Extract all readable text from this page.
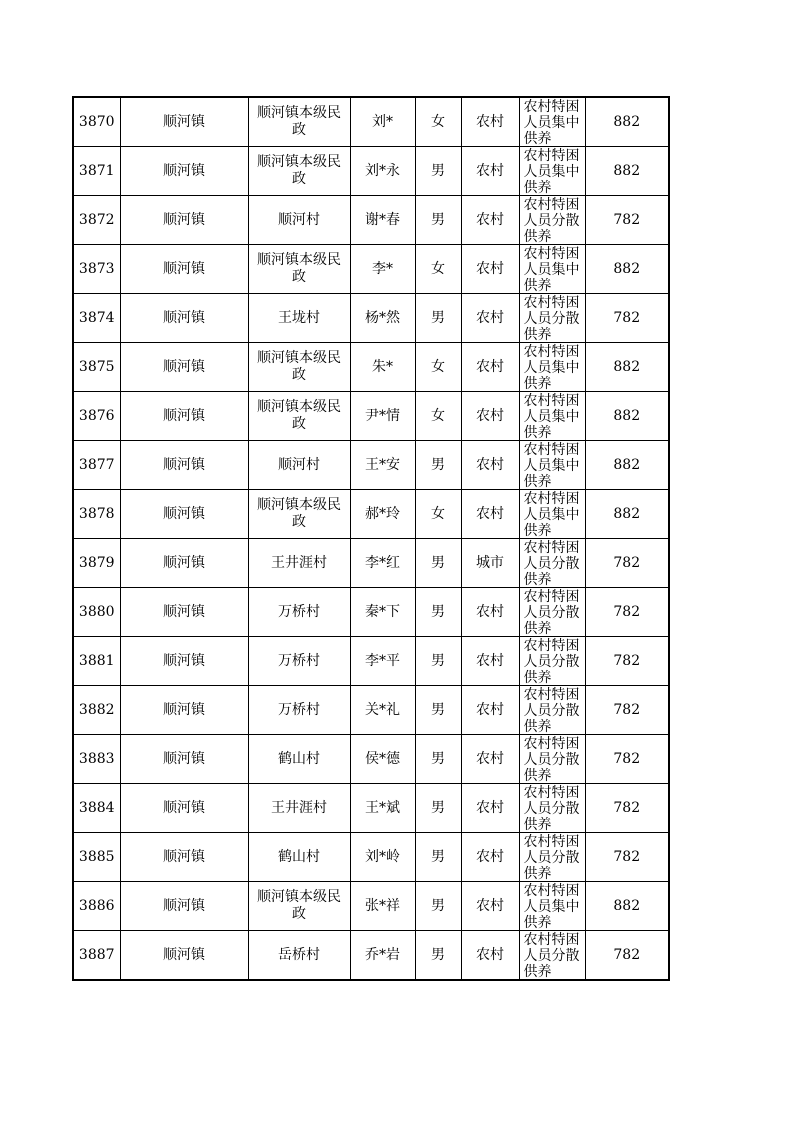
3870	顺河镇	顺河镇本级民政	刘*	女	农村	农村特困人员集中供养	882
3871	顺河镇	顺河镇本级民政	刘*永	男	农村	农村特困人员集中供养	882
3872	顺河镇	顺河村	谢*春	男	农村	农村特困人员分散供养	782
3873	顺河镇	顺河镇本级民政	李*	女	农村	农村特困人员集中供养	882
3874	顺河镇	王垅村	杨*然	男	农村	农村特困人员分散供养	782
3875	顺河镇	顺河镇本级民政	朱*	女	农村	农村特困人员集中供养	882
3876	顺河镇	顺河镇本级民政	尹*情	女	农村	农村特困人员集中供养	882
3877	顺河镇	顺河村	王*安	男	农村	农村特困人员集中供养	882
3878	顺河镇	顺河镇本级民政	郝*玲	女	农村	农村特困人员集中供养	882
3879	顺河镇	王井涯村	李*红	男	城市	农村特困人员分散供养	782
3880	顺河镇	万桥村	秦*下	男	农村	农村特困人员分散供养	782
3881	顺河镇	万桥村	李*平	男	农村	农村特困人员分散供养	782
3882	顺河镇	万桥村	关*礼	男	农村	农村特困人员分散供养	782
3883	顺河镇	鹤山村	侯*德	男	农村	农村特困人员分散供养	782
3884	顺河镇	王井涯村	王*斌	男	农村	农村特困人员分散供养	782
3885	顺河镇	鹤山村	刘*岭	男	农村	农村特困人员分散供养	782
3886	顺河镇	顺河镇本级民政	张*祥	男	农村	农村特困人员集中供养	882
3887	顺河镇	岳桥村	乔*岩	男	农村	农村特困人员分散供养	782
